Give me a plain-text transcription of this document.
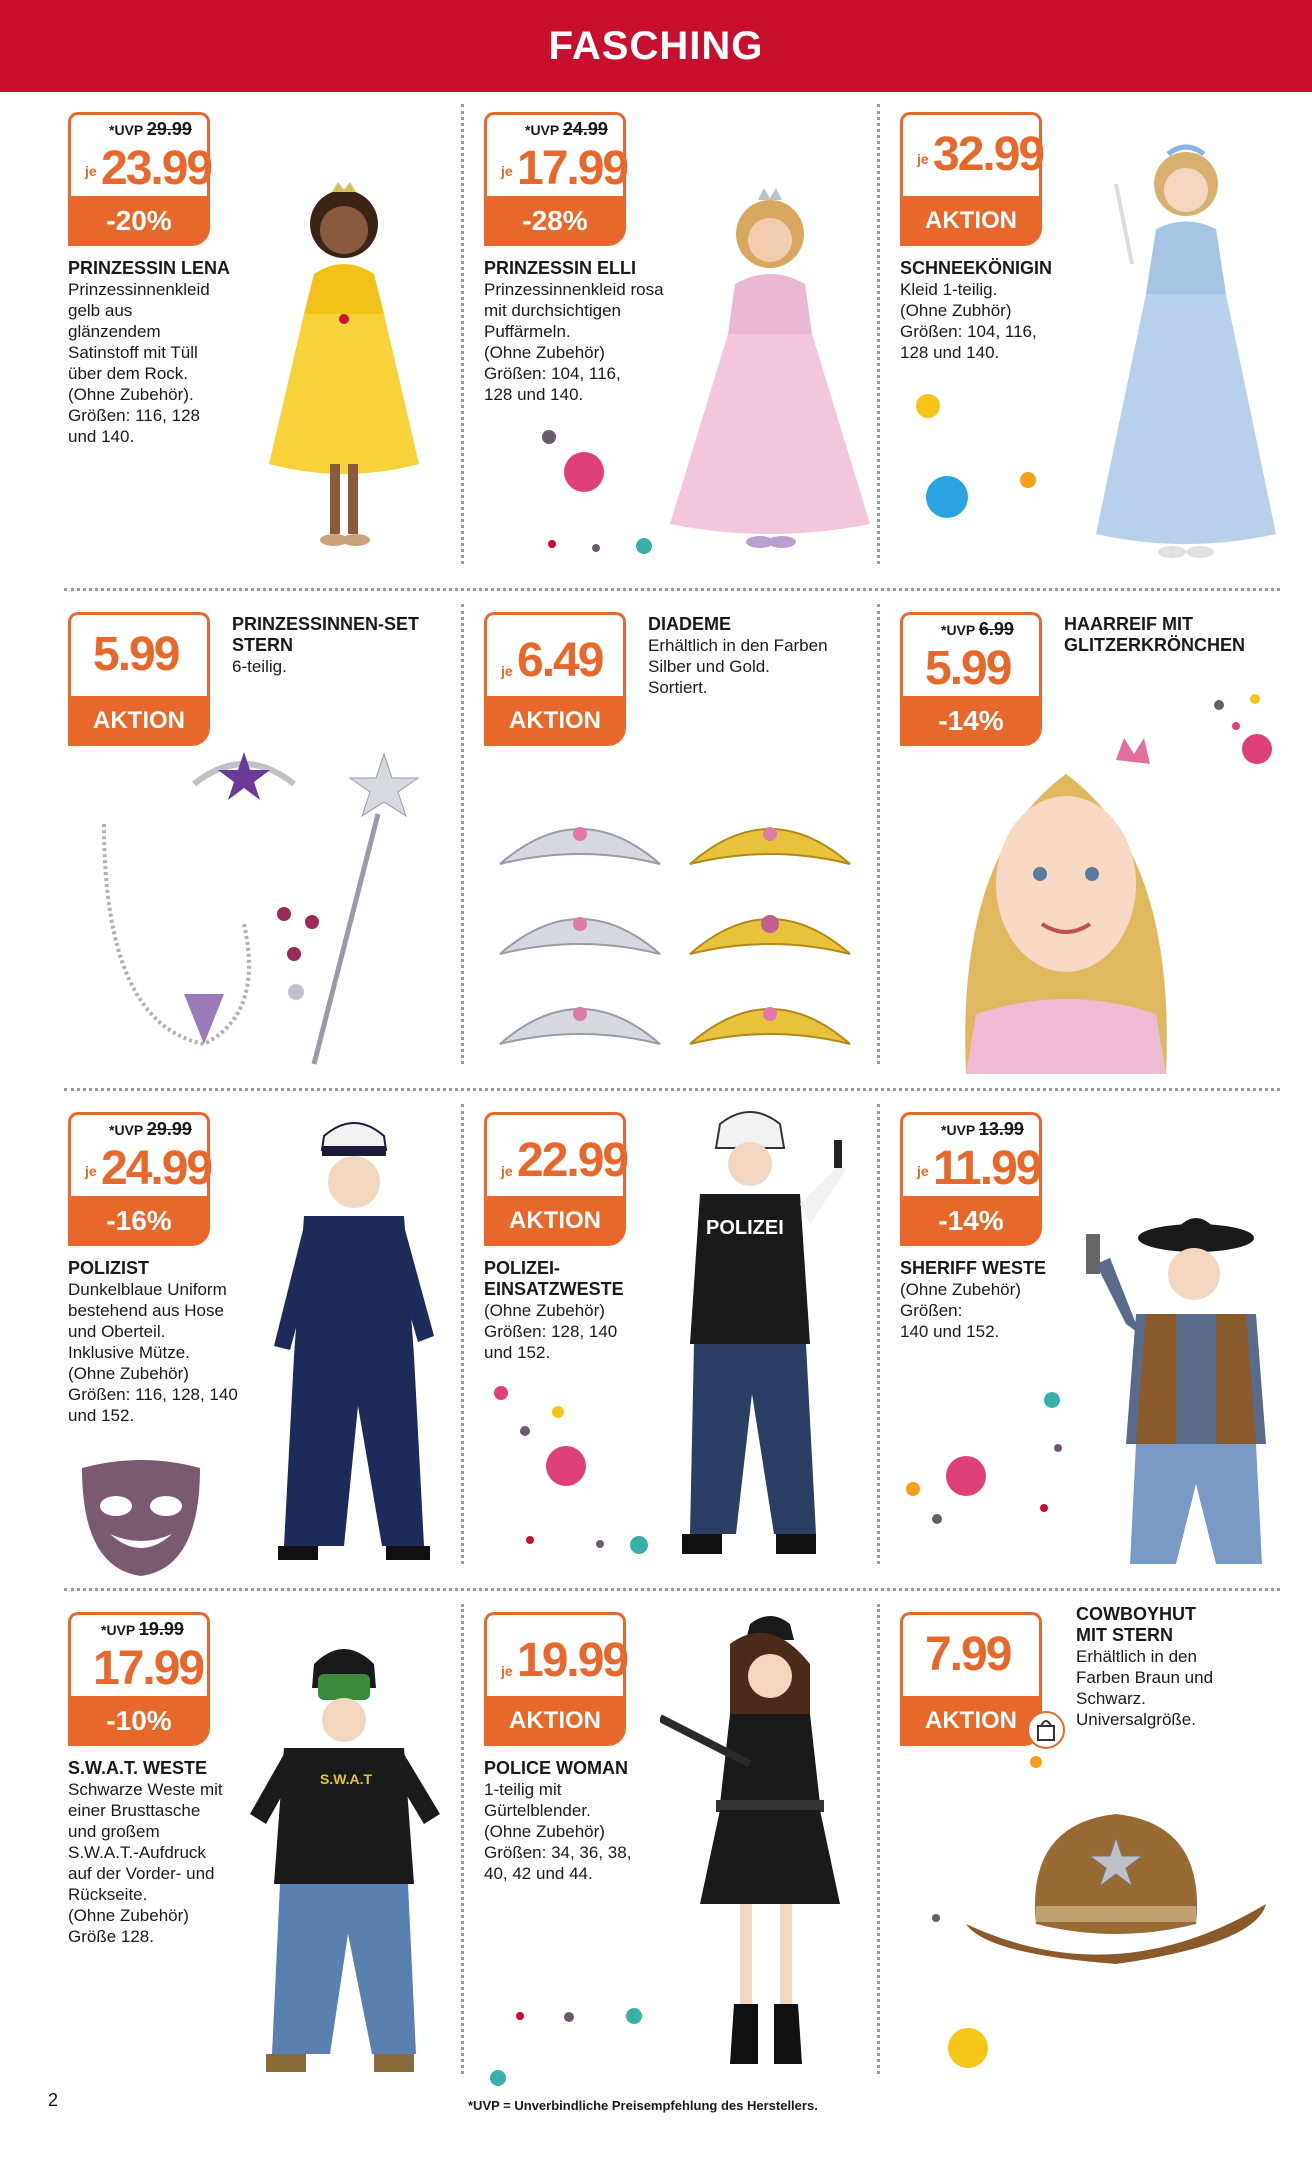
FASCHING
*UVP 29.99
je 23.99
-20%
PRINZESSIN LENA
Prinzessinnenkleid
gelb aus
glänzendem
Satinstoff mit Tüll
über dem Rock.
(Ohne Zubehör).
Größen: 116, 128
und 140.
*UVP 24.99
je 17.99
-28%
PRINZESSIN ELLI
Prinzessinnenkleid rosa
mit durchsichtigen
Puffärmeln.
(Ohne Zubehör)
Größen: 104, 116,
128 und 140.
je 32.99
AKTION
SCHNEEKÖNIGIN
Kleid 1-teilig.
(Ohne Zubhör)
Größen: 104, 116,
128 und 140.
5.99
AKTION
PRINZESSINNEN-SET
STERN
6-teilig.	je 6.49
AKTION
DIADEME
Erhältlich in den Farben
Silber und Gold.
Sortiert.
*UVP 6.99
5.99
-14%
HAARREIF MIT
GLITZERKRÖNCHEN
*UVP 29.99
je 24.99
-16%
POLIZIST
Dunkelblaue Uniform
bestehend aus Hose
und Oberteil.
Inklusive Mütze.
(Ohne Zubehör)
Größen: 116, 128, 140
und 152.
je 22.99
AKTION
POLIZEI-
EINSATZWESTE
(Ohne Zubehör)
Größen: 128, 140
und 152.
POLIZEI
*UVP 13.99
je 11.99
-14%
SHERIFF WESTE
(Ohne Zubehör)
Größen:
140 und 152.
*UVP 19.99
17.99
-10%
S.W.A.T. WESTE
Schwarze Weste mit
einer Brusttasche
und großem
S.W.A.T.-Aufdruck
auf der Vorder- und
Rückseite.
(Ohne Zubehör)
Größe 128.
S.W.A.T
je 19.99
AKTION
POLICE WOMAN
1-teilig mit
Gürtelblender.
(Ohne Zubehör)
Größen: 34, 36, 38,
40, 42 und 44.
7.99
AKTION
COWBOYHUT
MIT STERN
Erhältlich in den
Farben Braun und
Schwarz.
Universalgröße.
2	*UVP = Unverbindliche Preisempfehlung des Herstellers.
